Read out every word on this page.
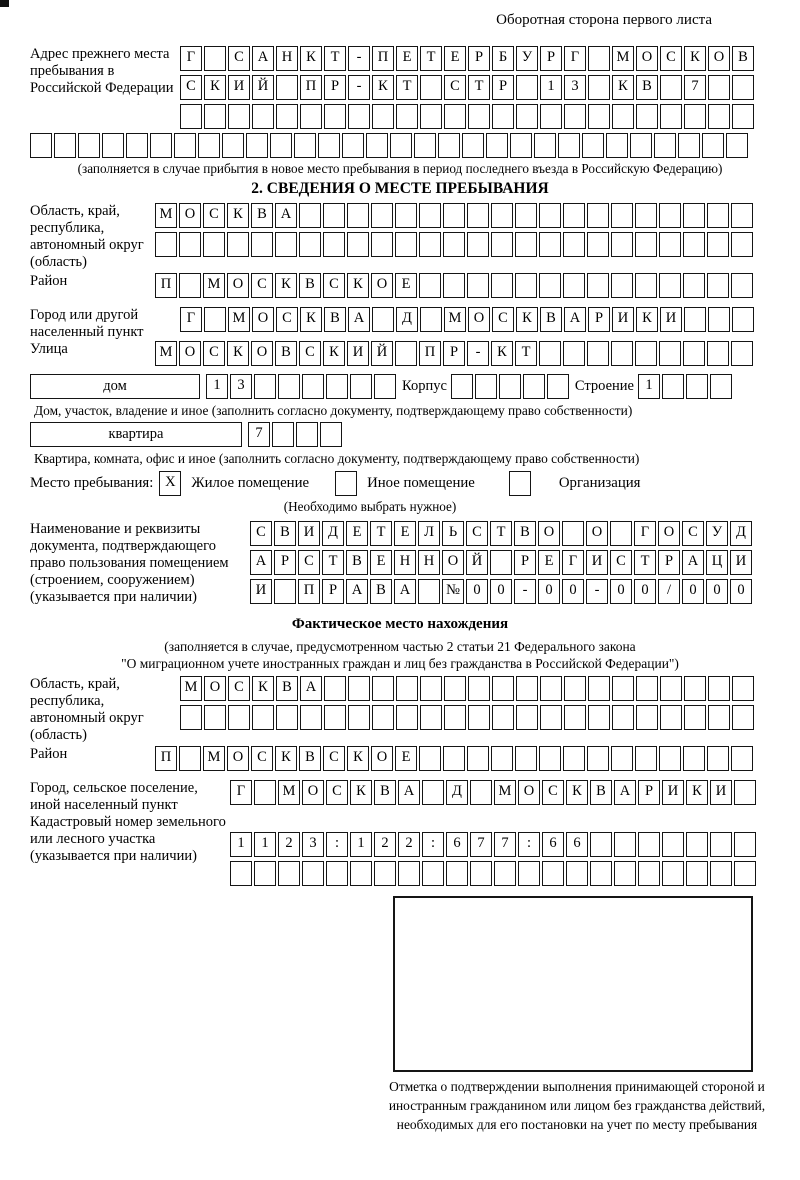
Оборотная сторона первого листа
Адрес прежнего места пребывания в Российской Федерации
Г	С А Н К Т - П Е Т Е Р Б У Р Г	М О С К О В
С К И Й	П Р - К Т	С Т Р	1 3	К В	7
(заполняется в случае прибытия в новое место пребывания в период последнего въезда в Российскую Федерацию)
2. СВЕДЕНИЯ О МЕСТЕ ПРЕБЫВАНИЯ
Область, край, республика, автономный округ (область)
М О С К В А
Район	П	М О С К В С К О Е
Город или другой населенный пункт
Г	М О С К В А	Д	М О С К В А Р И К И
Улица	М О С К О В С К И Й	П Р - К Т
дом	1 3	Корпус	Строение 1
Дом, участок, владение и иное (заполнить согласно документу, подтверждающему право собственности)
квартира	7
Квартира, комната, офис и иное (заполнить согласно документу, подтверждающему право собственности)
Место пребывания: X	Жилое помещение	Иное помещение	Организация
(Необходимо выбрать нужное)
Наименование и реквизиты документа, подтверждающего право пользования помещением (строением, сооружением) (указывается при наличии)
С В И Д Е Т Е Л Ь С Т В О	О	Г О С У Д
А Р С Т В Е Н Н О Й	Р Е Г И С Т Р А Ц И
И	П Р А В А № 0 0 - 0 0 - 0 0 / 0 0 0
Фактическое место нахождения
(заполняется в случае, предусмотренном частью 2 статьи 21 Федерального закона
"О миграционном учете иностранных граждан и лиц без гражданства в Российской Федерации")
Область, край, республика, автономный округ (область)
М О С К В А
Район	П	М О С К В С К О Е
Город, сельское поселение, иной населенный пункт
Г	М О С К В А	Д	М О С К В А Р И К И
Кадастровый номер земельного или лесного участка (указывается при наличии)
1 1 2 3 : 1 2 2 : 6 7 7 : 6 6
Отметка о подтверждении выполнения принимающей стороной и иностранным гражданином или лицом без гражданства действий, необходимых для его постановки на учет по месту пребывания
